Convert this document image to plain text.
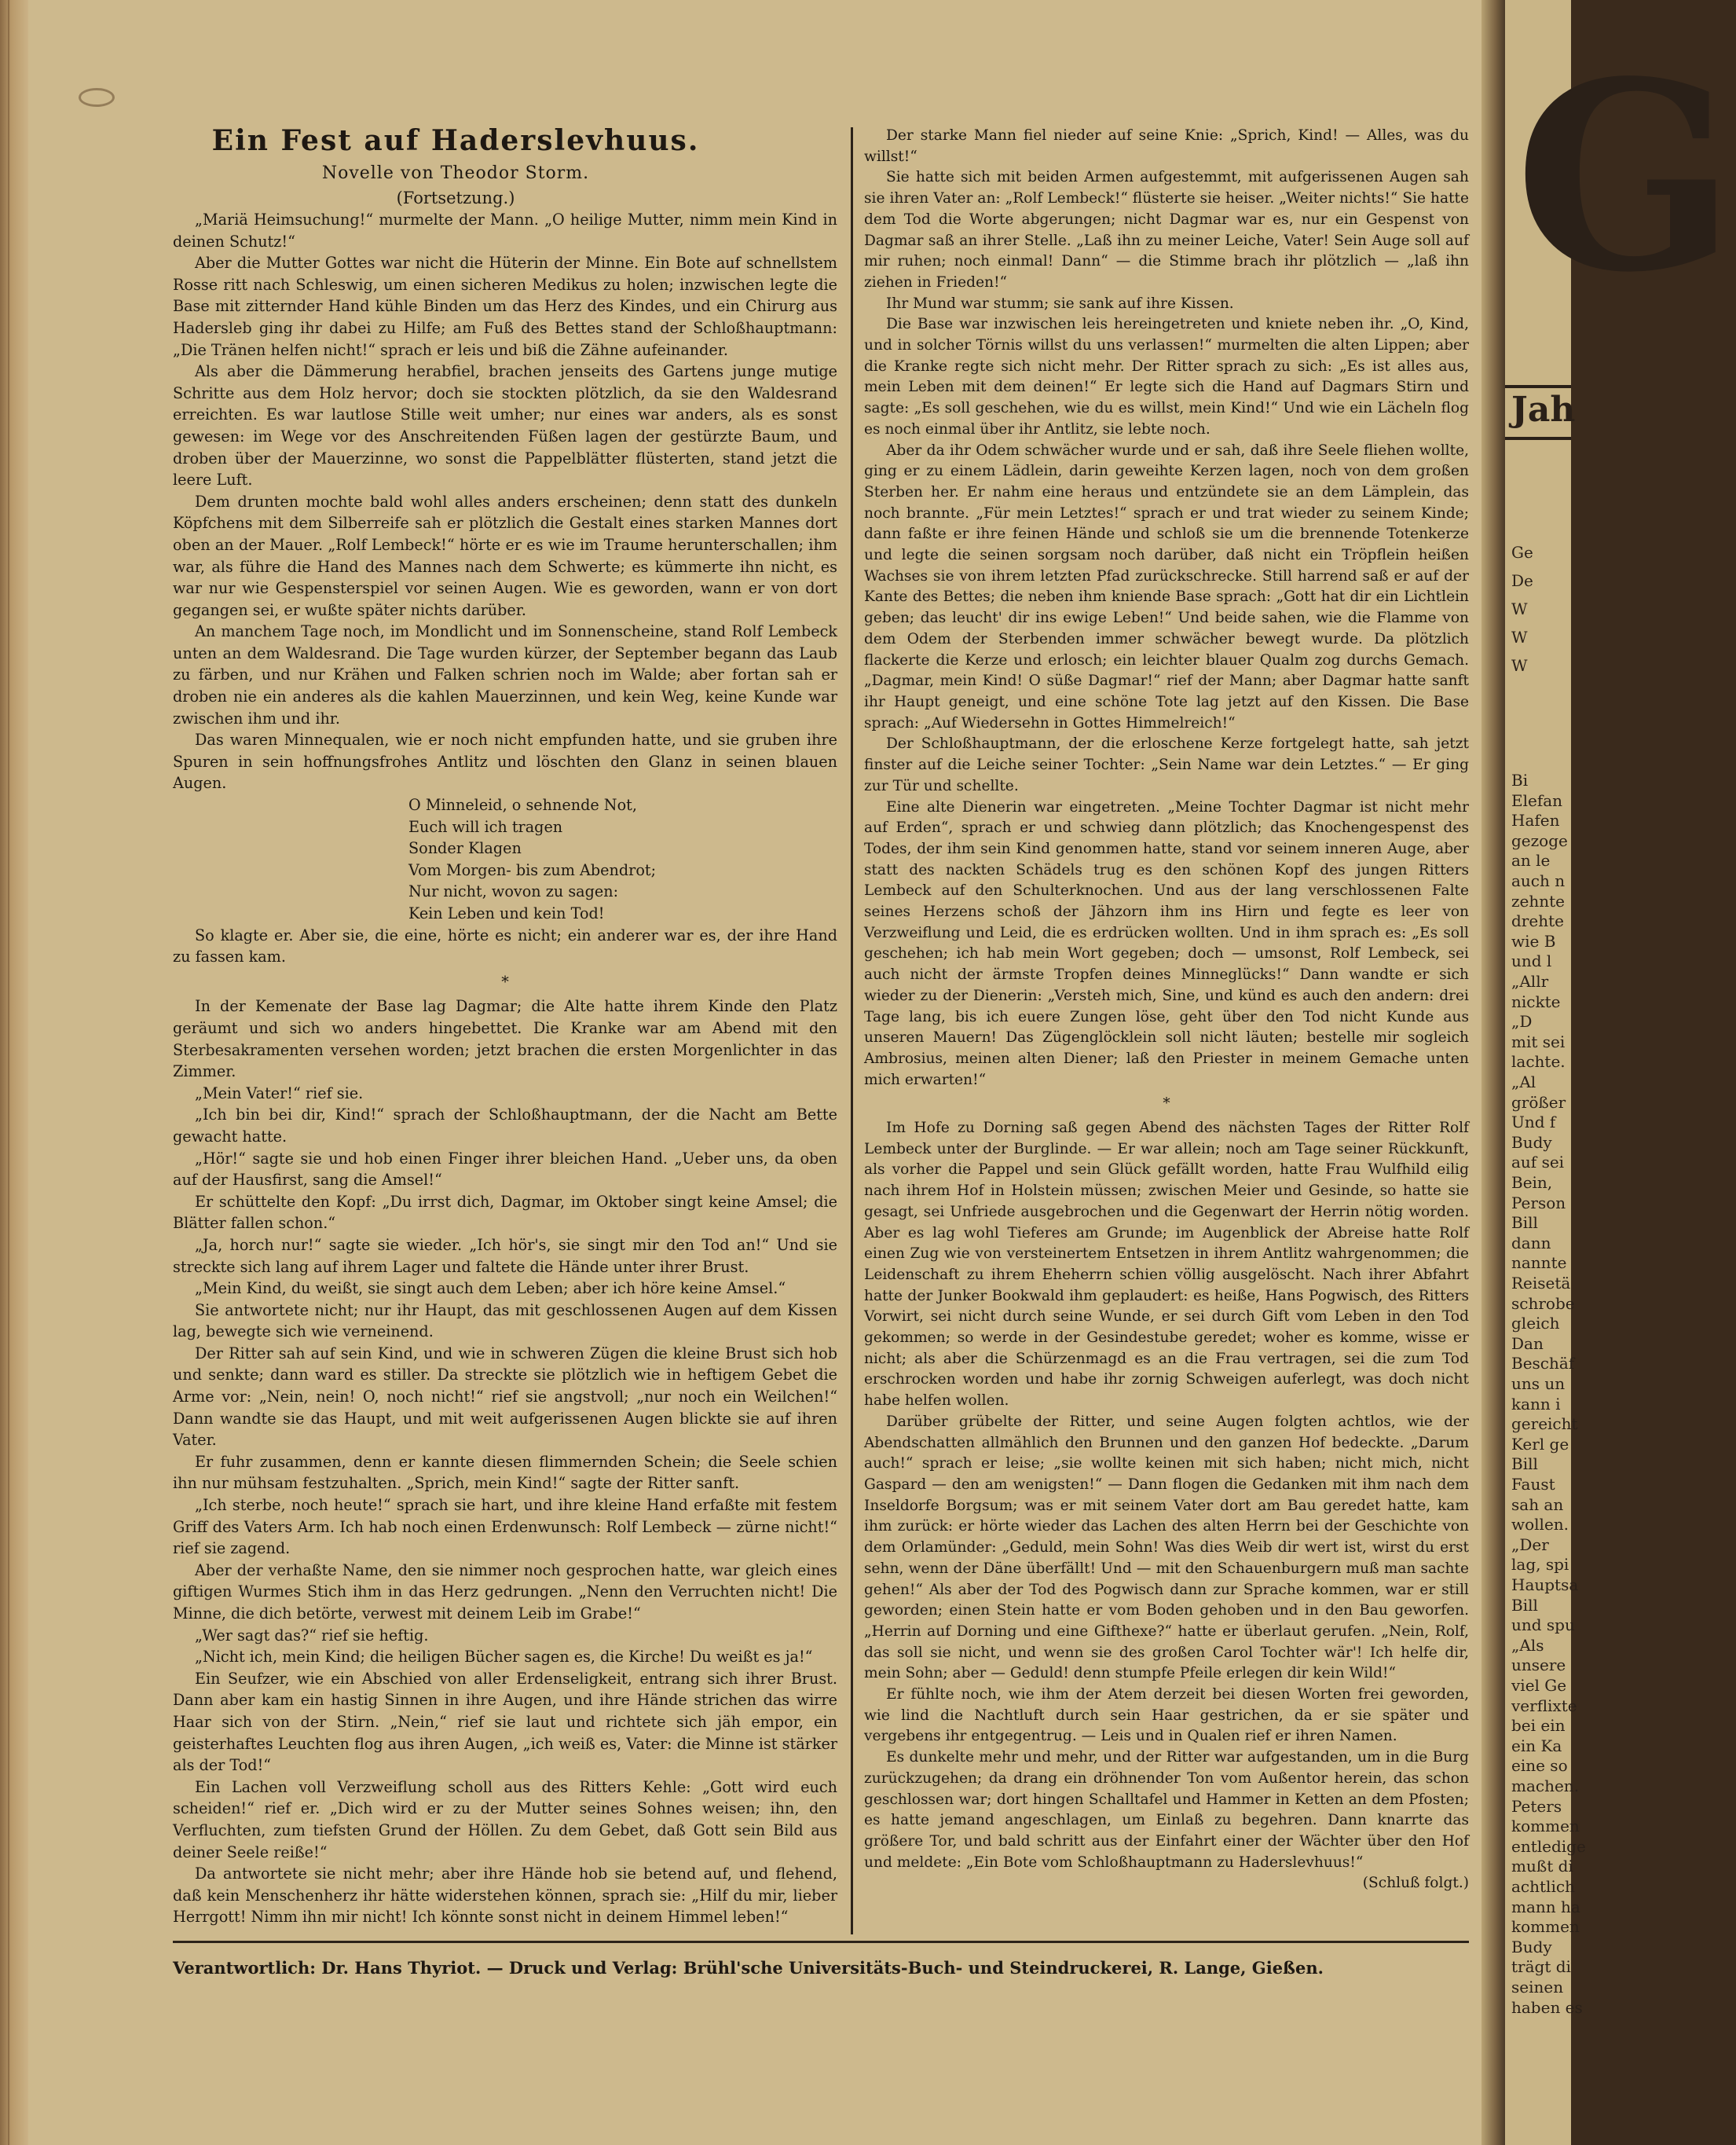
Ein Fest auf Haderslevhuus.
Novelle von Theodor Storm.
(Fortsetzung.)

„Mariä Heimsuchung!“ murmelte der Mann. „O heilige Mutter, nimm mein Kind in deinen Schutz!“

Aber die Mutter Gottes war nicht die Hüterin der Minne. Ein Bote auf schnellstem Rosse ritt nach Schleswig, um einen sicheren Medikus zu holen; inzwischen legte die Base mit zitternder Hand kühle Binden um das Herz des Kindes, und ein Chirurg aus Hadersleb ging ihr dabei zu Hilfe; am Fuß des Bettes stand der Schloßhauptmann: „Die Tränen helfen nicht!“ sprach er leis und biß die Zähne aufeinander.

Als aber die Dämmerung herabfiel, brachen jenseits des Gartens junge mutige Schritte aus dem Holz hervor; doch sie stockten plötzlich, da sie den Waldesrand erreichten. Es war lautlose Stille weit umher; nur eines war anders, als es sonst gewesen: im Wege vor des Anschreitenden Füßen lagen der gestürzte Baum, und droben über der Mauerzinne, wo sonst die Pappelblätter flüsterten, stand jetzt die leere Luft.

Dem drunten mochte bald wohl alles anders erscheinen; denn statt des dunkeln Köpfchens mit dem Silberreife sah er plötzlich die Gestalt eines starken Mannes dort oben an der Mauer. „Rolf Lembeck!“ hörte er es wie im Traume herunterschallen; ihm war, als führe die Hand des Mannes nach dem Schwerte; es kümmerte ihn nicht, es war nur wie Gespensterspiel vor seinen Augen. Wie es geworden, wann er von dort gegangen sei, er wußte später nichts darüber.

An manchem Tage noch, im Mondlicht und im Sonnenscheine, stand Rolf Lembeck unten an dem Waldesrand. Die Tage wurden kürzer, der September begann das Laub zu färben, und nur Krähen und Falken schrien noch im Walde; aber fortan sah er droben nie ein anderes als die kahlen Mauerzinnen, und kein Weg, keine Kunde war zwischen ihm und ihr.

Das waren Minnequalen, wie er noch nicht empfunden hatte, und sie gruben ihre Spuren in sein hoffnungsfrohes Antlitz und löschten den Glanz in seinen blauen Augen.

O Minneleid, o sehnende Not,

Euch will ich tragen

Sonder Klagen

Vom Morgen- bis zum Abendrot;

Nur nicht, wovon zu sagen:

Kein Leben und kein Tod!

So klagte er. Aber sie, die eine, hörte es nicht; ein anderer war es, der ihre Hand zu fassen kam.

*

In der Kemenate der Base lag Dagmar; die Alte hatte ihrem Kinde den Platz geräumt und sich wo anders hingebettet. Die Kranke war am Abend mit den Sterbesakramenten versehen worden; jetzt brachen die ersten Morgenlichter in das Zimmer.

„Mein Vater!“ rief sie.

„Ich bin bei dir, Kind!“ sprach der Schloßhauptmann, der die Nacht am Bette gewacht hatte.

„Hör!“ sagte sie und hob einen Finger ihrer bleichen Hand. „Ueber uns, da oben auf der Hausfirst, sang die Amsel!“

Er schüttelte den Kopf: „Du irrst dich, Dagmar, im Oktober singt keine Amsel; die Blätter fallen schon.“

„Ja, horch nur!“ sagte sie wieder. „Ich hör's, sie singt mir den Tod an!“ Und sie streckte sich lang auf ihrem Lager und faltete die Hände unter ihrer Brust.

„Mein Kind, du weißt, sie singt auch dem Leben; aber ich höre keine Amsel.“

Sie antwortete nicht; nur ihr Haupt, das mit geschlossenen Augen auf dem Kissen lag, bewegte sich wie verneinend.

Der Ritter sah auf sein Kind, und wie in schweren Zügen die kleine Brust sich hob und senkte; dann ward es stiller. Da streckte sie plötzlich wie in heftigem Gebet die Arme vor: „Nein, nein! O, noch nicht!“ rief sie angstvoll; „nur noch ein Weilchen!“ Dann wandte sie das Haupt, und mit weit aufgerissenen Augen blickte sie auf ihren Vater.

Er fuhr zusammen, denn er kannte diesen flimmernden Schein; die Seele schien ihn nur mühsam festzuhalten. „Sprich, mein Kind!“ sagte der Ritter sanft.

„Ich sterbe, noch heute!“ sprach sie hart, und ihre kleine Hand erfaßte mit festem Griff des Vaters Arm. Ich hab noch einen Erdenwunsch: Rolf Lembeck — zürne nicht!“ rief sie zagend.

Aber der verhaßte Name, den sie nimmer noch gesprochen hatte, war gleich eines giftigen Wurmes Stich ihm in das Herz gedrungen. „Nenn den Verruchten nicht! Die Minne, die dich betörte, verwest mit deinem Leib im Grabe!“

„Wer sagt das?“ rief sie heftig.

„Nicht ich, mein Kind; die heiligen Bücher sagen es, die Kirche! Du weißt es ja!“

Ein Seufzer, wie ein Abschied von aller Erdenseligkeit, entrang sich ihrer Brust. Dann aber kam ein hastig Sinnen in ihre Augen, und ihre Hände strichen das wirre Haar sich von der Stirn. „Nein,“ rief sie laut und richtete sich jäh empor, ein geisterhaftes Leuchten flog aus ihren Augen, „ich weiß es, Vater: die Minne ist stärker als der Tod!“

Ein Lachen voll Verzweiflung scholl aus des Ritters Kehle: „Gott wird euch scheiden!“ rief er. „Dich wird er zu der Mutter seines Sohnes weisen; ihn, den Verfluchten, zum tiefsten Grund der Höllen. Zu dem Gebet, daß Gott sein Bild aus deiner Seele reiße!“

Da antwortete sie nicht mehr; aber ihre Hände hob sie betend auf, und flehend, daß kein Menschenherz ihr hätte widerstehen können, sprach sie: „Hilf du mir, lieber Herrgott! Nimm ihn mir nicht! Ich könnte sonst nicht in deinem Himmel leben!“

Der starke Mann fiel nieder auf seine Knie: „Sprich, Kind! — Alles, was du willst!“

Sie hatte sich mit beiden Armen aufgestemmt, mit aufgerissenen Augen sah sie ihren Vater an: „Rolf Lembeck!“ flüsterte sie heiser. „Weiter nichts!“ Sie hatte dem Tod die Worte abgerungen; nicht Dagmar war es, nur ein Gespenst von Dagmar saß an ihrer Stelle. „Laß ihn zu meiner Leiche, Vater! Sein Auge soll auf mir ruhen; noch einmal! Dann“ — die Stimme brach ihr plötzlich — „laß ihn ziehen in Frieden!“

Ihr Mund war stumm; sie sank auf ihre Kissen.

Die Base war inzwischen leis hereingetreten und kniete neben ihr. „O, Kind, und in solcher Törnis willst du uns verlassen!“ murmelten die alten Lippen; aber die Kranke regte sich nicht mehr. Der Ritter sprach zu sich: „Es ist alles aus, mein Leben mit dem deinen!“ Er legte sich die Hand auf Dagmars Stirn und sagte: „Es soll geschehen, wie du es willst, mein Kind!“ Und wie ein Lächeln flog es noch einmal über ihr Antlitz, sie lebte noch.

Aber da ihr Odem schwächer wurde und er sah, daß ihre Seele fliehen wollte, ging er zu einem Lädlein, darin geweihte Kerzen lagen, noch von dem großen Sterben her. Er nahm eine heraus und entzündete sie an dem Lämplein, das noch brannte. „Für mein Letztes!“ sprach er und trat wieder zu seinem Kinde; dann faßte er ihre feinen Hände und schloß sie um die brennende Totenkerze und legte die seinen sorgsam noch darüber, daß nicht ein Tröpflein heißen Wachses sie von ihrem letzten Pfad zurückschrecke. Still harrend saß er auf der Kante des Bettes; die neben ihm kniende Base sprach: „Gott hat dir ein Lichtlein geben; das leucht' dir ins ewige Leben!“ Und beide sahen, wie die Flamme von dem Odem der Sterbenden immer schwächer bewegt wurde. Da plötzlich flackerte die Kerze und erlosch; ein leichter blauer Qualm zog durchs Gemach. „Dagmar, mein Kind! O süße Dagmar!“ rief der Mann; aber Dagmar hatte sanft ihr Haupt geneigt, und eine schöne Tote lag jetzt auf den Kissen. Die Base sprach: „Auf Wiedersehn in Gottes Himmelreich!“

Der Schloßhauptmann, der die erloschene Kerze fortgelegt hatte, sah jetzt finster auf die Leiche seiner Tochter: „Sein Name war dein Letztes.“ — Er ging zur Tür und schellte.

Eine alte Dienerin war eingetreten. „Meine Tochter Dagmar ist nicht mehr auf Erden“, sprach er und schwieg dann plötzlich; das Knochengespenst des Todes, der ihm sein Kind genommen hatte, stand vor seinem inneren Auge, aber statt des nackten Schädels trug es den schönen Kopf des jungen Ritters Lembeck auf den Schulterknochen. Und aus der lang verschlossenen Falte seines Herzens schoß der Jähzorn ihm ins Hirn und fegte es leer von Verzweiflung und Leid, die es erdrücken wollten. Und in ihm sprach es: „Es soll geschehen; ich hab mein Wort gegeben; doch — umsonst, Rolf Lembeck, sei auch nicht der ärmste Tropfen deines Minneglücks!“ Dann wandte er sich wieder zu der Dienerin: „Versteh mich, Sine, und künd es auch den andern: drei Tage lang, bis ich euere Zungen löse, geht über den Tod nicht Kunde aus unseren Mauern! Das Zügenglöcklein soll nicht läuten; bestelle mir sogleich Ambrosius, meinen alten Diener; laß den Priester in meinem Gemache unten mich erwarten!“

*

Im Hofe zu Dorning saß gegen Abend des nächsten Tages der Ritter Rolf Lembeck unter der Burglinde. — Er war allein; noch am Tage seiner Rückkunft, als vorher die Pappel und sein Glück gefällt worden, hatte Frau Wulfhild eilig nach ihrem Hof in Holstein müssen; zwischen Meier und Gesinde, so hatte sie gesagt, sei Unfriede ausgebrochen und die Gegenwart der Herrin nötig worden. Aber es lag wohl Tieferes am Grunde; im Augenblick der Abreise hatte Rolf einen Zug wie von versteinertem Entsetzen in ihrem Antlitz wahrgenommen; die Leidenschaft zu ihrem Eheherrn schien völlig ausgelöscht. Nach ihrer Abfahrt hatte der Junker Bookwald ihm geplaudert: es heiße, Hans Pogwisch, des Ritters Vorwirt, sei nicht durch seine Wunde, er sei durch Gift vom Leben in den Tod gekommen; so werde in der Gesindestube geredet; woher es komme, wisse er nicht; als aber die Schürzenmagd es an die Frau vertragen, sei die zum Tod erschrocken worden und habe ihr zornig Schweigen auferlegt, was doch nicht habe helfen wollen.

Darüber grübelte der Ritter, und seine Augen folgten achtlos, wie der Abendschatten allmählich den Brunnen und den ganzen Hof bedeckte. „Darum auch!“ sprach er leise; „sie wollte keinen mit sich haben; nicht mich, nicht Gaspard — den am wenigsten!“ — Dann flogen die Gedanken mit ihm nach dem Inseldorfe Borgsum; was er mit seinem Vater dort am Bau geredet hatte, kam ihm zurück: er hörte wieder das Lachen des alten Herrn bei der Geschichte von dem Orlamünder: „Geduld, mein Sohn! Was dies Weib dir wert ist, wirst du erst sehn, wenn der Däne überfällt! Und — mit den Schauenburgern muß man sachte gehen!“ Als aber der Tod des Pogwisch dann zur Sprache kommen, war er still geworden; einen Stein hatte er vom Boden gehoben und in den Bau geworfen. „Herrin auf Dorning und eine Gifthexe?“ hatte er überlaut gerufen. „Nein, Rolf, das soll sie nicht, und wenn sie des großen Carol Tochter wär'! Ich helfe dir, mein Sohn; aber — Geduld! denn stumpfe Pfeile erlegen dir kein Wild!“

Er fühlte noch, wie ihm der Atem derzeit bei diesen Worten frei geworden, wie lind die Nachtluft durch sein Haar gestrichen, da er sie später und vergebens ihr entgegentrug. — Leis und in Qualen rief er ihren Namen.

Es dunkelte mehr und mehr, und der Ritter war aufgestanden, um in die Burg zurückzugehen; da drang ein dröhnender Ton vom Außentor herein, das schon geschlossen war; dort hingen Schalltafel und Hammer in Ketten an dem Pfosten; es hatte jemand angeschlagen, um Einlaß zu begehren. Dann knarrte das größere Tor, und bald schritt aus der Einfahrt einer der Wächter über den Hof und meldete: „Ein Bote vom Schloßhauptmann zu Haderslevhuus!“

(Schluß folgt.)

Verantwortlich: Dr. Hans Thyriot. — Druck und Verlag: Brühl'sche Universitäts-Buch- und Steindruckerei, R. Lange, Gießen.
G
Jah
Ge
De
W
W
W
Bi
Elefan
Hafen
gezoge
an le
auch n
zehnte
drehte
wie B
und l
„Allr
nickte
„D
mit sei
lachte.
„Al
größer
Und f
Budy
auf sei
Bein,
Person
Bill
dann
nannte
Reisetä
schrobe
gleich
Dan
Beschäf
uns un
kann i
gereicht
Kerl ge
Bill
Faust
sah an
wollen.
„Der
lag, spi
Hauptsa
Bill
und spu
„Als
unsere
viel Ge
verflixte
bei ein
ein Ka
eine so
machen.
Peters
kommen
entledige
mußt di
achtlich
mann ha
kommen
Budy
trägt di
seinen
haben es
